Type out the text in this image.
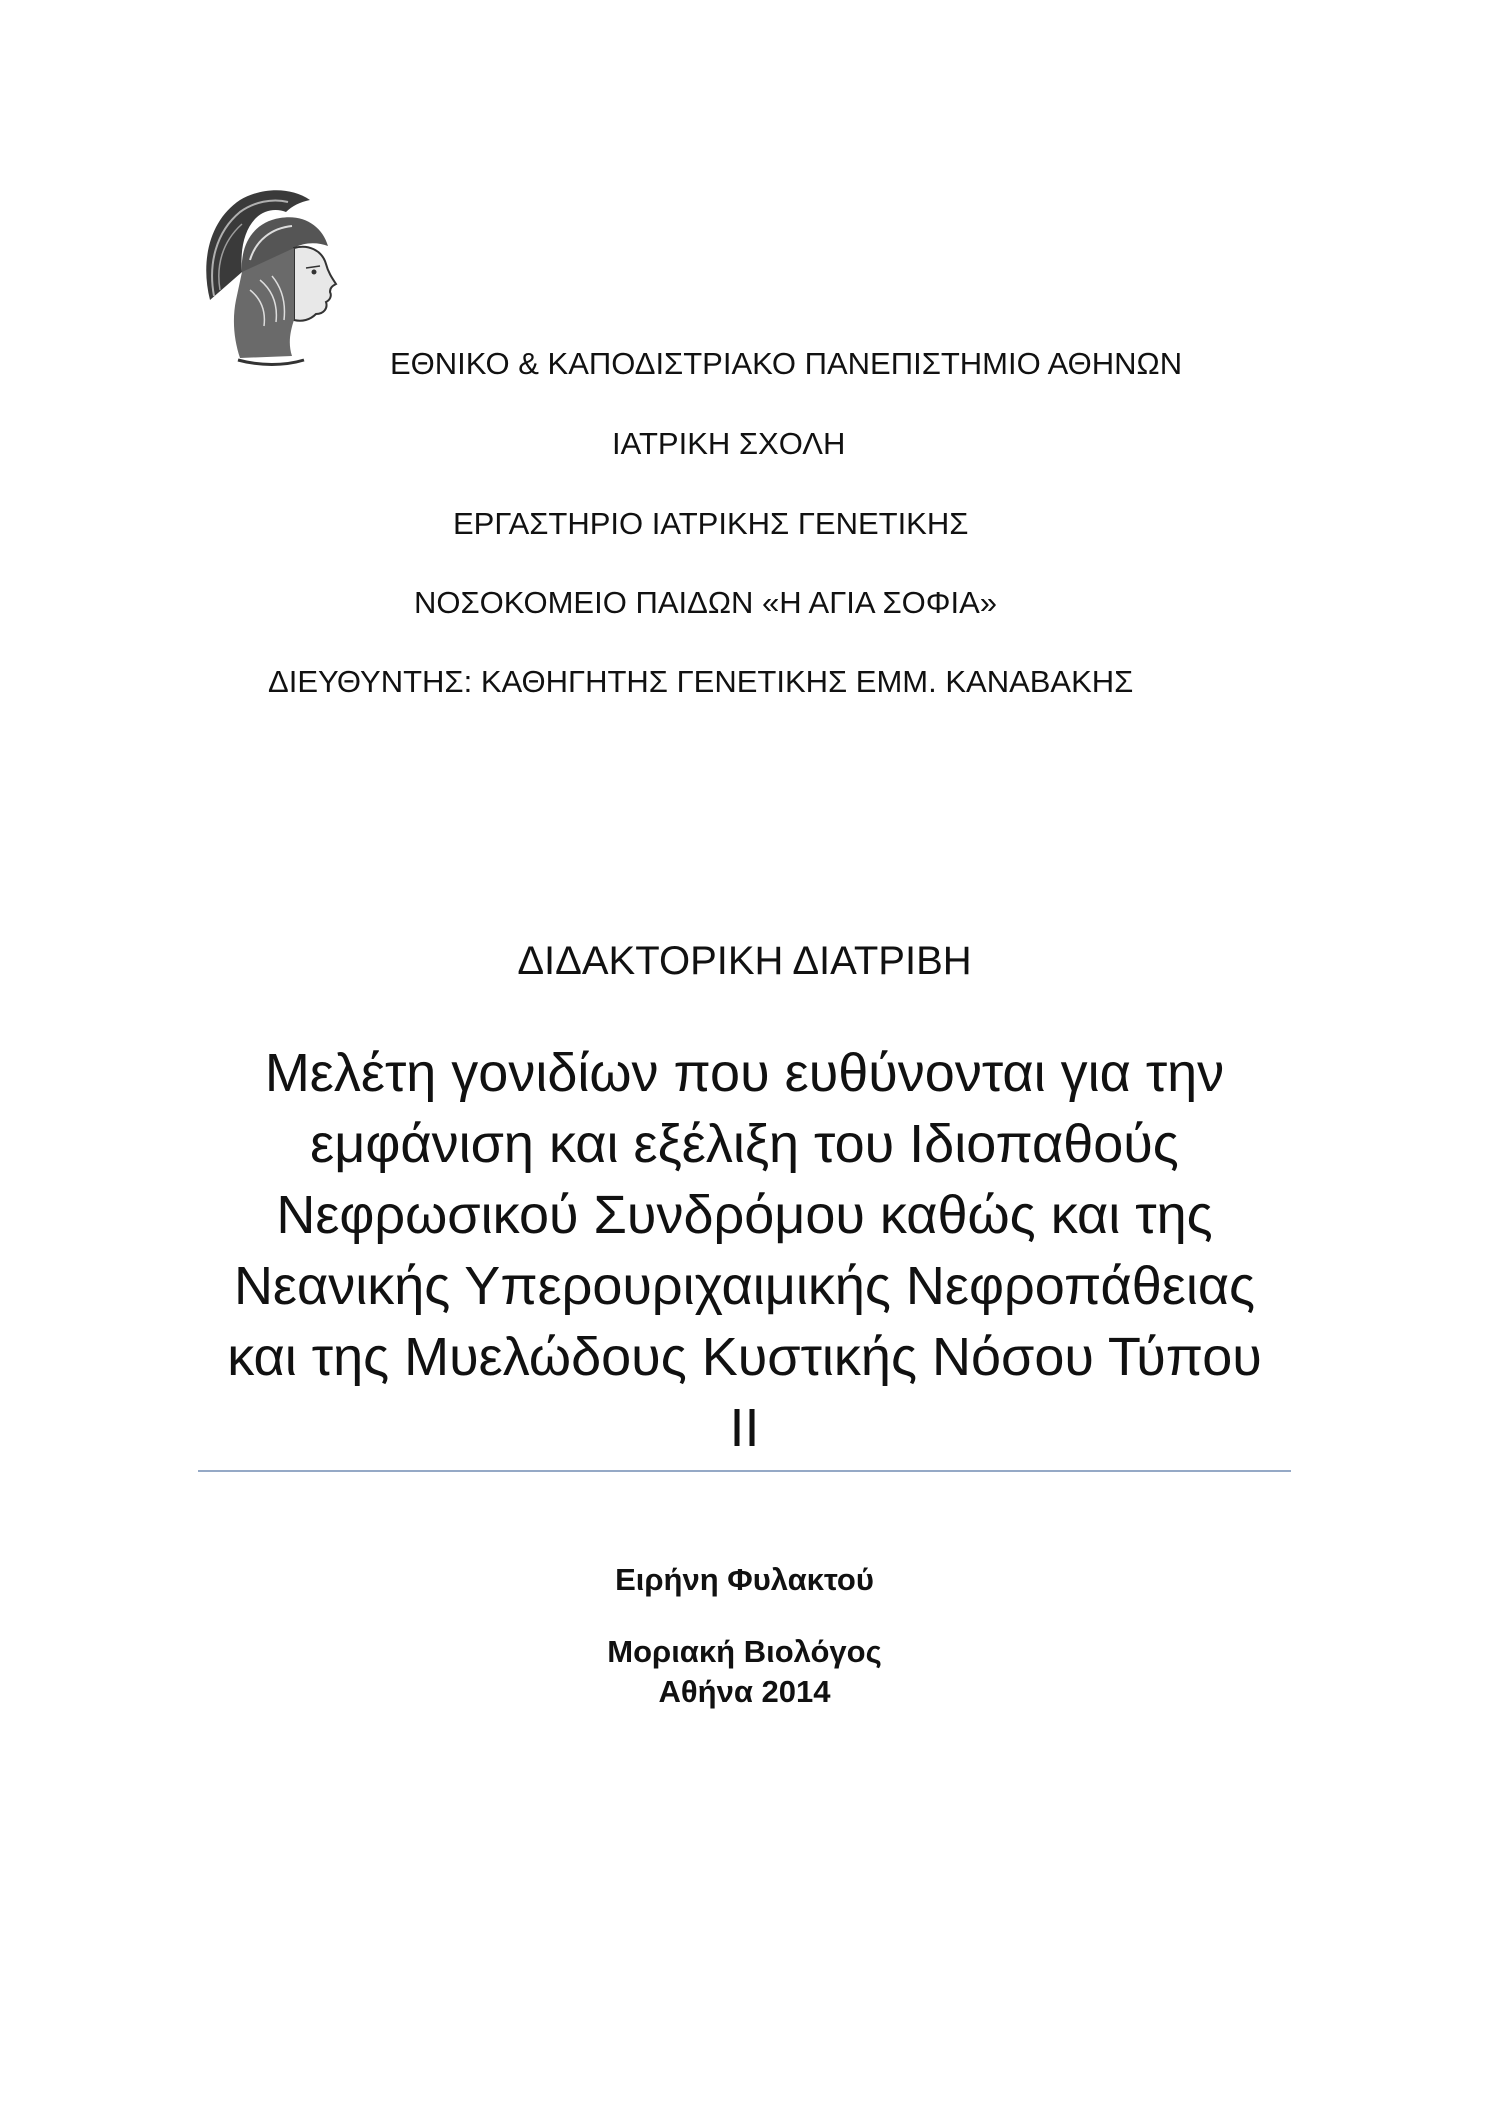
ΕΘΝΙΚΟ & ΚΑΠΟΔΙΣΤΡΙΑΚΟ ΠΑΝΕΠΙΣΤΗΜΙΟ ΑΘΗΝΩΝ
ΙΑΤΡΙΚΗ ΣΧΟΛΗ
ΕΡΓΑΣΤΗΡΙΟ ΙΑΤΡΙΚΗΣ ΓΕΝΕΤΙΚΗΣ
ΝΟΣΟΚΟΜΕΙΟ ΠΑΙΔΩΝ «Η ΑΓΙΑ ΣΟΦΙΑ»
ΔΙΕΥΘΥΝΤΗΣ: ΚΑΘΗΓΗΤΗΣ ΓΕΝΕΤΙΚΗΣ ΕΜΜ. ΚΑΝΑΒΑΚΗΣ
ΔΙΔΑΚΤΟΡΙΚΗ ΔΙΑΤΡΙΒΗ
Μελέτη γονιδίων που ευθύνονται για την
εμφάνιση και εξέλιξη του Ιδιοπαθούς
Νεφρωσικού Συνδρόμου καθώς και της
Νεανικής Υπερουριχαιμικής Νεφροπάθειας
και της Μυελώδους Κυστικής Νόσου Τύπου
ΙΙ
Ειρήνη Φυλακτού
Μοριακή Βιολόγος
Αθήνα 2014
